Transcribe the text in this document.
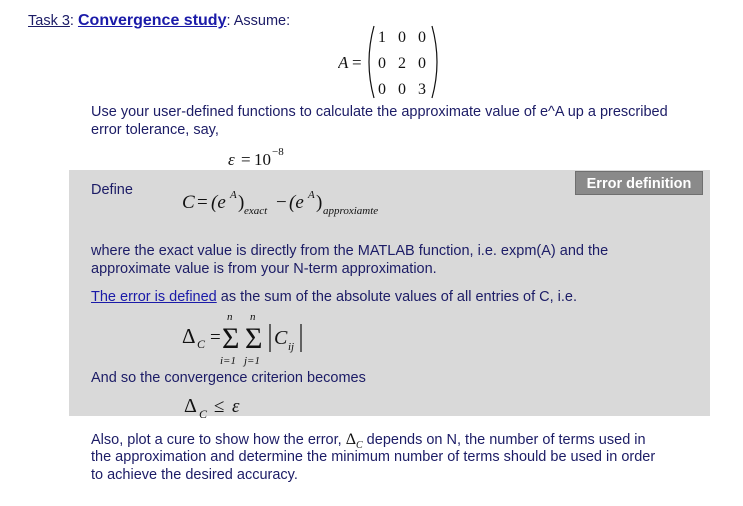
Task 3: Convergence study: Assume:
A =
1 0 0
0 2 0
0 0 3
Use your user-defined functions to calculate the approximate value of e^A up a prescribed
error tolerance, say,
ε = 10 −8
Error definition
Define
C = (e A ) exact − (e A ) approxiamte
where the exact value is directly from the MATLAB function, i.e. expm(A) and the
approximate value is from your N-term approximation.
The error is defined as the sum of the absolute values of all entries of C, i.e.
Δ C =
n
Σ
i=1
n
Σ
j=1
C ij
And so the convergence criterion becomes
Δ C ≤ ε
Also, plot a cure to show how the error, $\Delta_C$ depends on N, the number of terms used in
the approximation and determine the minimum number of terms should be used in order
to achieve the desired accuracy.
